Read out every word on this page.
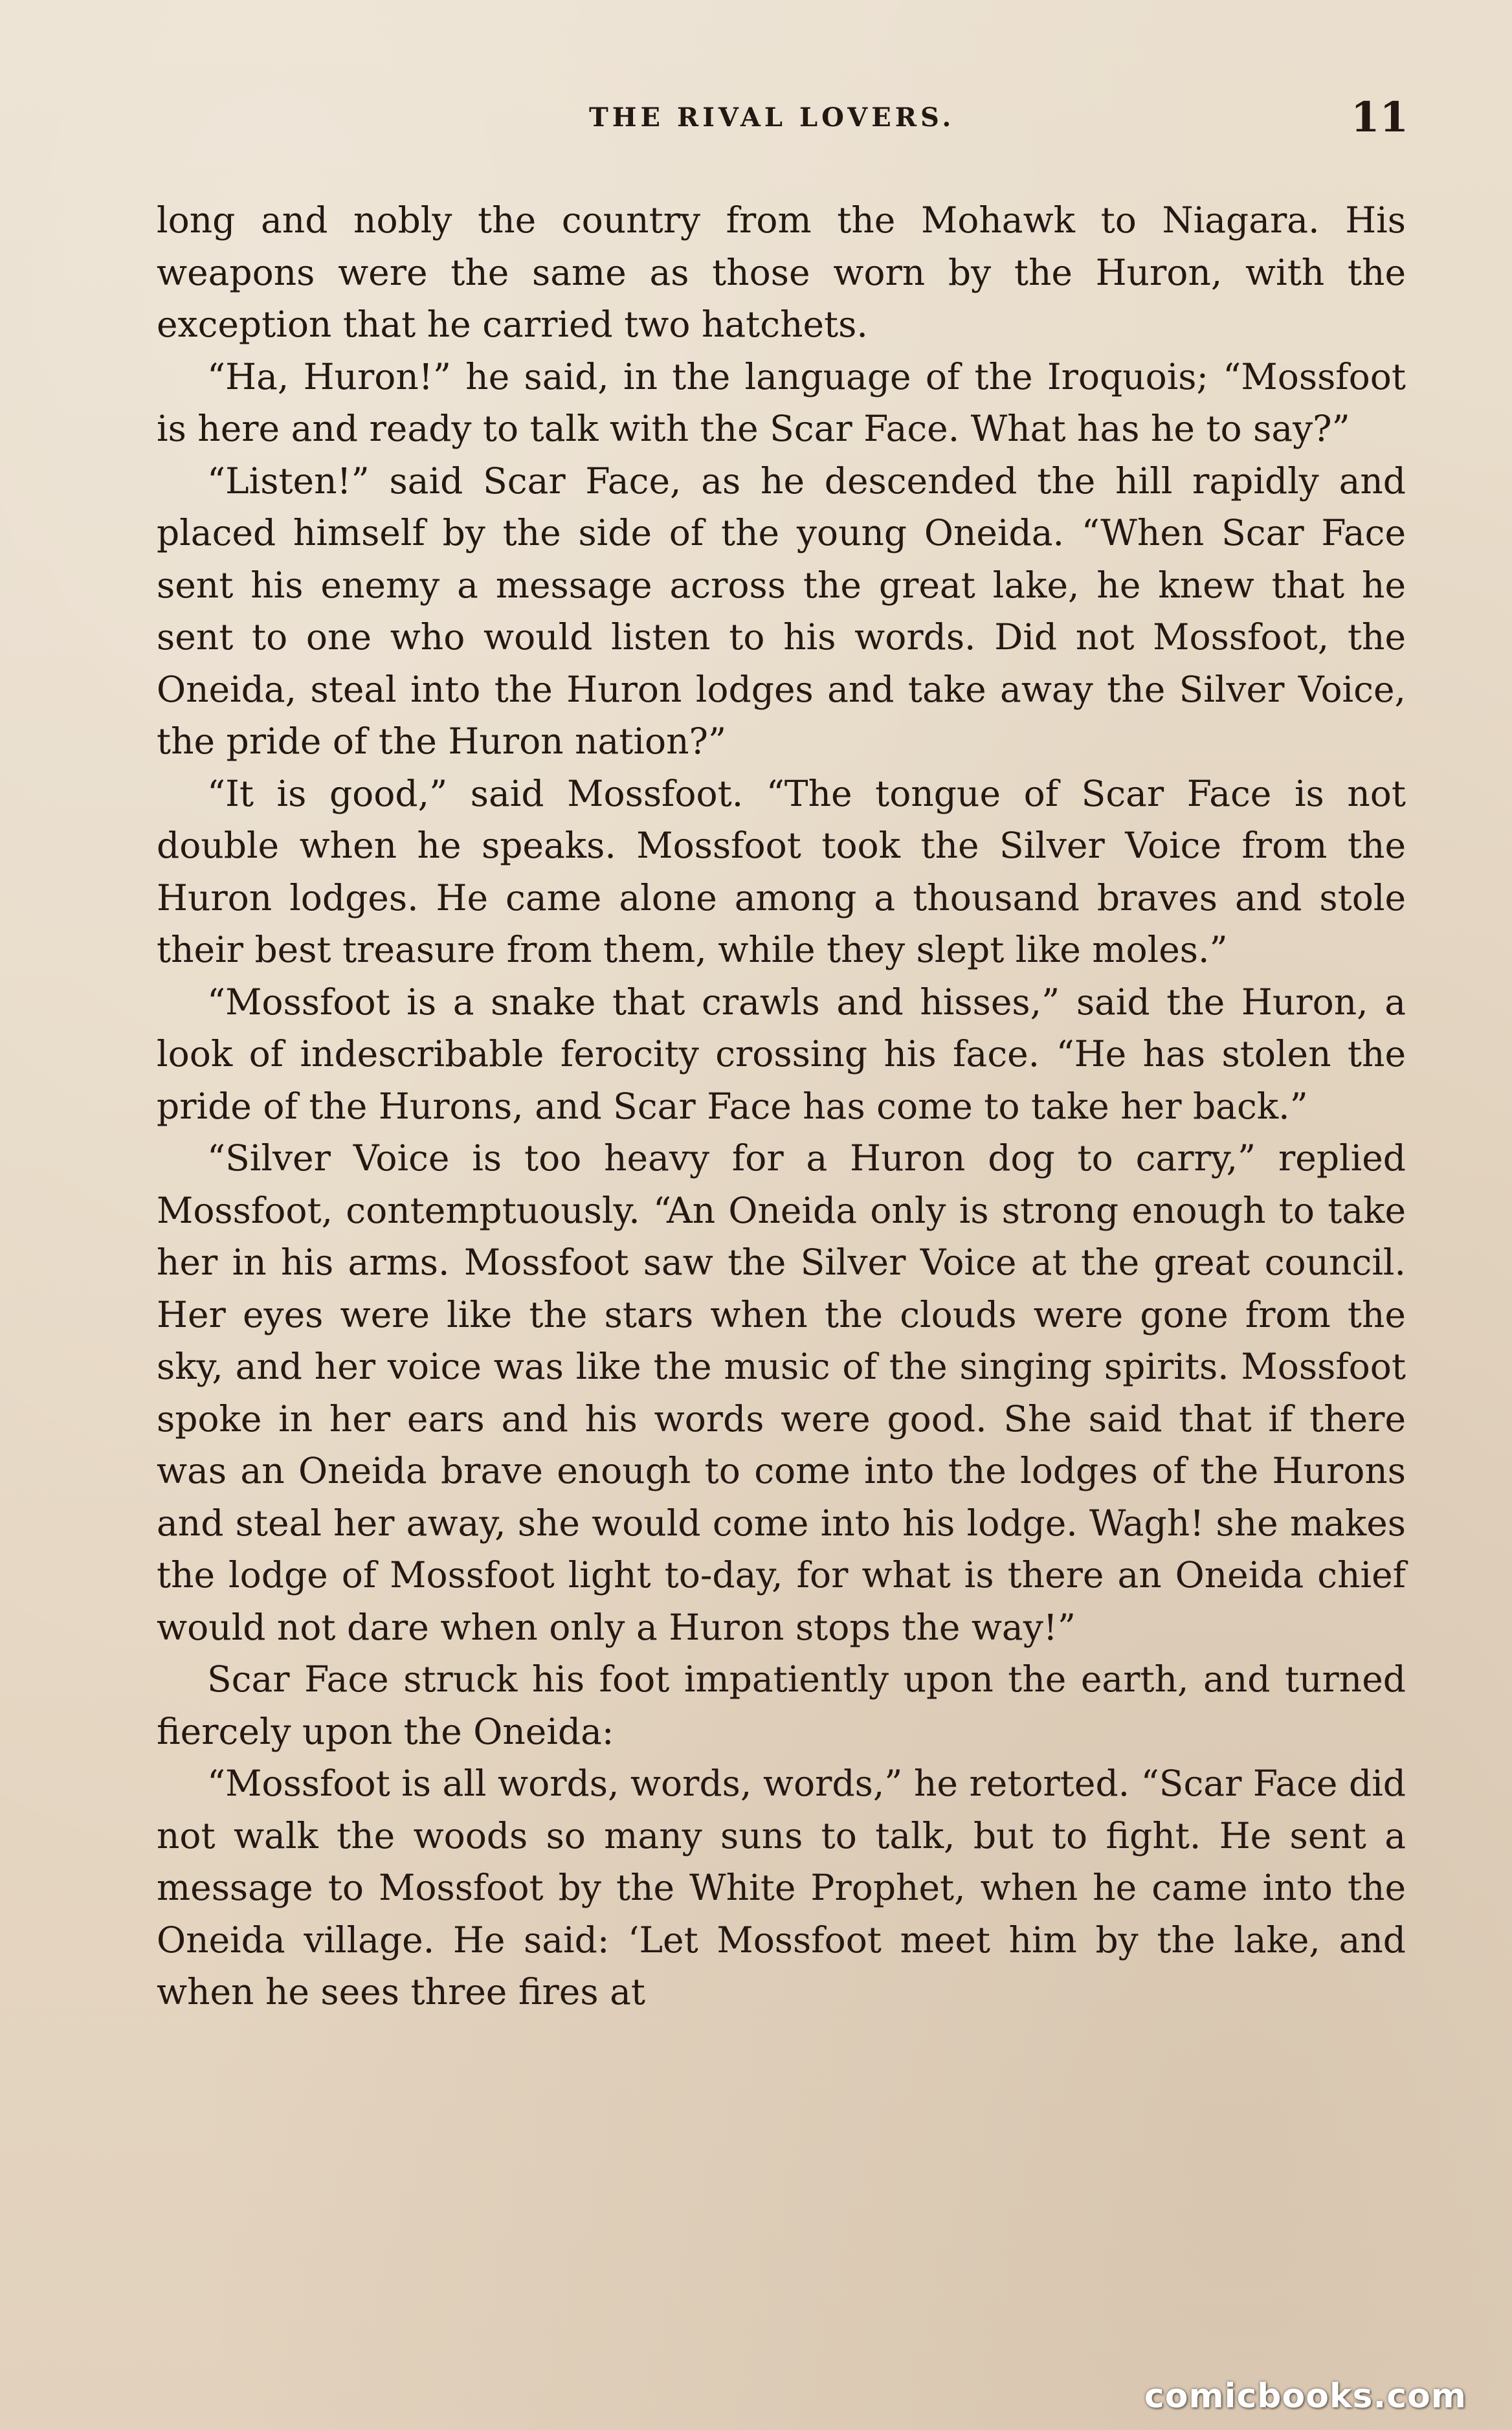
THE RIVAL LOVERS.	11

long and nobly the country from the Mohawk to Niagara. His weapons were the same as those worn by the Huron, with the exception that he carried two hatchets.

“Ha, Huron!” he said, in the language of the Iroquois; “Mossfoot is here and ready to talk with the Scar Face. What has he to say?”

“Listen!” said Scar Face, as he descended the hill rapidly and placed himself by the side of the young Oneida. “When Scar Face sent his enemy a message across the great lake, he knew that he sent to one who would listen to his words. Did not Mossfoot, the Oneida, steal into the Huron lodges and take away the Silver Voice, the pride of the Huron nation?”

“It is good,” said Mossfoot. “The tongue of Scar Face is not double when he speaks. Mossfoot took the Silver Voice from the Huron lodges. He came alone among a thousand braves and stole their best treasure from them, while they slept like moles.”

“Mossfoot is a snake that crawls and hisses,” said the Huron, a look of indescribable ferocity crossing his face. “He has stolen the pride of the Hurons, and Scar Face has come to take her back.”

“Silver Voice is too heavy for a Huron dog to carry,” replied Mossfoot, contemptuously. “An Oneida only is strong enough to take her in his arms. Mossfoot saw the Silver Voice at the great council. Her eyes were like the stars when the clouds were gone from the sky, and her voice was like the music of the singing spirits. Mossfoot spoke in her ears and his words were good. She said that if there was an Oneida brave enough to come into the lodges of the Hurons and steal her away, she would come into his lodge. Wagh! she makes the lodge of Mossfoot light to-day, for what is there an Oneida chief would not dare when only a Huron stops the way!”

Scar Face struck his foot impatiently upon the earth, and turned fiercely upon the Oneida:

“Mossfoot is all words, words, words,” he retorted. “Scar Face did not walk the woods so many suns to talk, but to fight. He sent a message to Mossfoot by the White Prophet, when he came into the Oneida village. He said: ‘Let Mossfoot meet him by the lake, and when he sees three fires at

comicbooks.com
